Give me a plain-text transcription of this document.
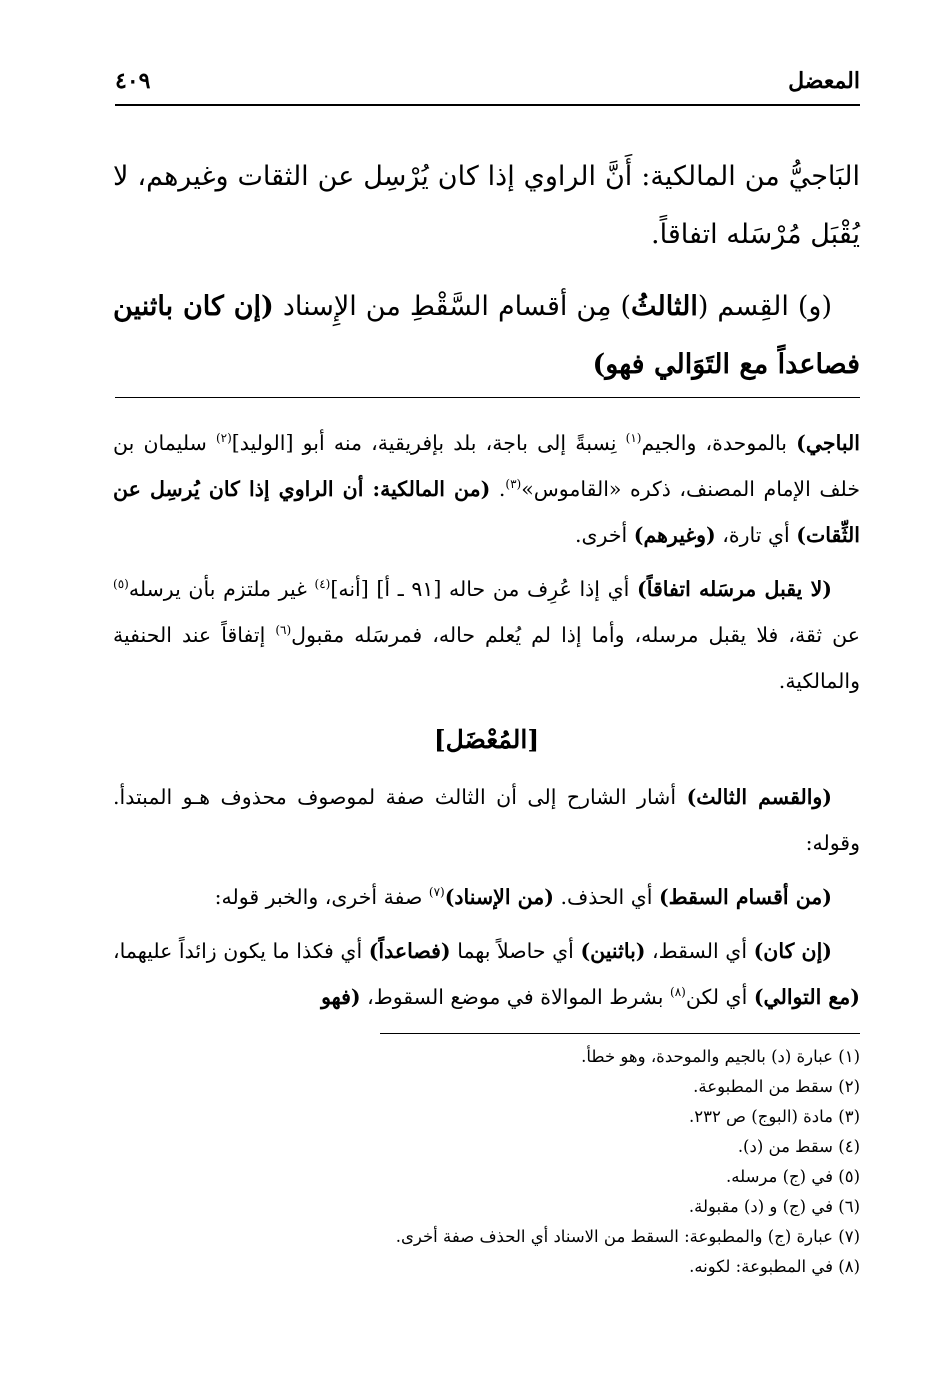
المعضل
٤٠٩

البَاجيُّ من المالكية: أَنَّ الراوي إذا كان يُرْسِل عن الثقات وغيرهم، لا يُقْبَل مُرْسَله اتفاقاً.

(و) القِسم (الثالثُ) مِن أقسام السَّقْطِ من الإِسناد (إن كان باثنين فصاعداً مع التَوَالي فهو)

الباجي) بالموحدة، والجيم$^{(١)}$ نِسبةً إلى باجة، بلد بإفريقية، منه أبو [الوليد]$^{(٢)}$ سليمان بن خلف الإمام المصنف، ذكره «القاموس»$^{(٣)}$. (من المالكية: أن الراوي إذا كان يُرسِل عن الثِّقات) أي تارة، (وغيرهم) أخرى.

(لا يقبل مرسَله اتفاقاً) أي إذا عُرِف من حاله [٩١ ـ أ] [أنه]$^{(٤)}$ غير ملتزم بأن يرسله$^{(٥)}$ عن ثقة، فلا يقبل مرسله، وأما إذا لم يُعلم حاله، فمرسَله مقبول$^{(٦)}$ إتفاقاً عند الحنفية والمالكية.

[المُعْضَل]

(والقسم الثالث) أشار الشارح إلى أن الثالث صفة لموصوف محذوف هـو المبتدأ. وقوله:

(من أقسام السقط) أي الحذف. (من الإسناد)$^{(٧)}$ صفة أخرى، والخبر قوله:

(إن كان) أي السقط، (باثنين) أي حاصلاً بهما (فصاعداً) أي فكذا ما يكون زائداً عليهما، (مع التوالي) أي لكن$^{(٨)}$ بشرط الموالاة في موضع السقوط، (فهو

(١) عبارة (د) بالجيم والموحدة، وهو خطأ.
(٢) سقط من المطبوعة.
(٣) مادة (البوج) ص ٢٣٢.
(٤) سقط من (د).
(٥) في (ج) مرسله.
(٦) في (ج) و (د) مقبولة.
(٧) عبارة (ج) والمطبوعة: السقط من الاسناد أي الحذف صفة أخرى.
(٨) في المطبوعة: لكونه.
